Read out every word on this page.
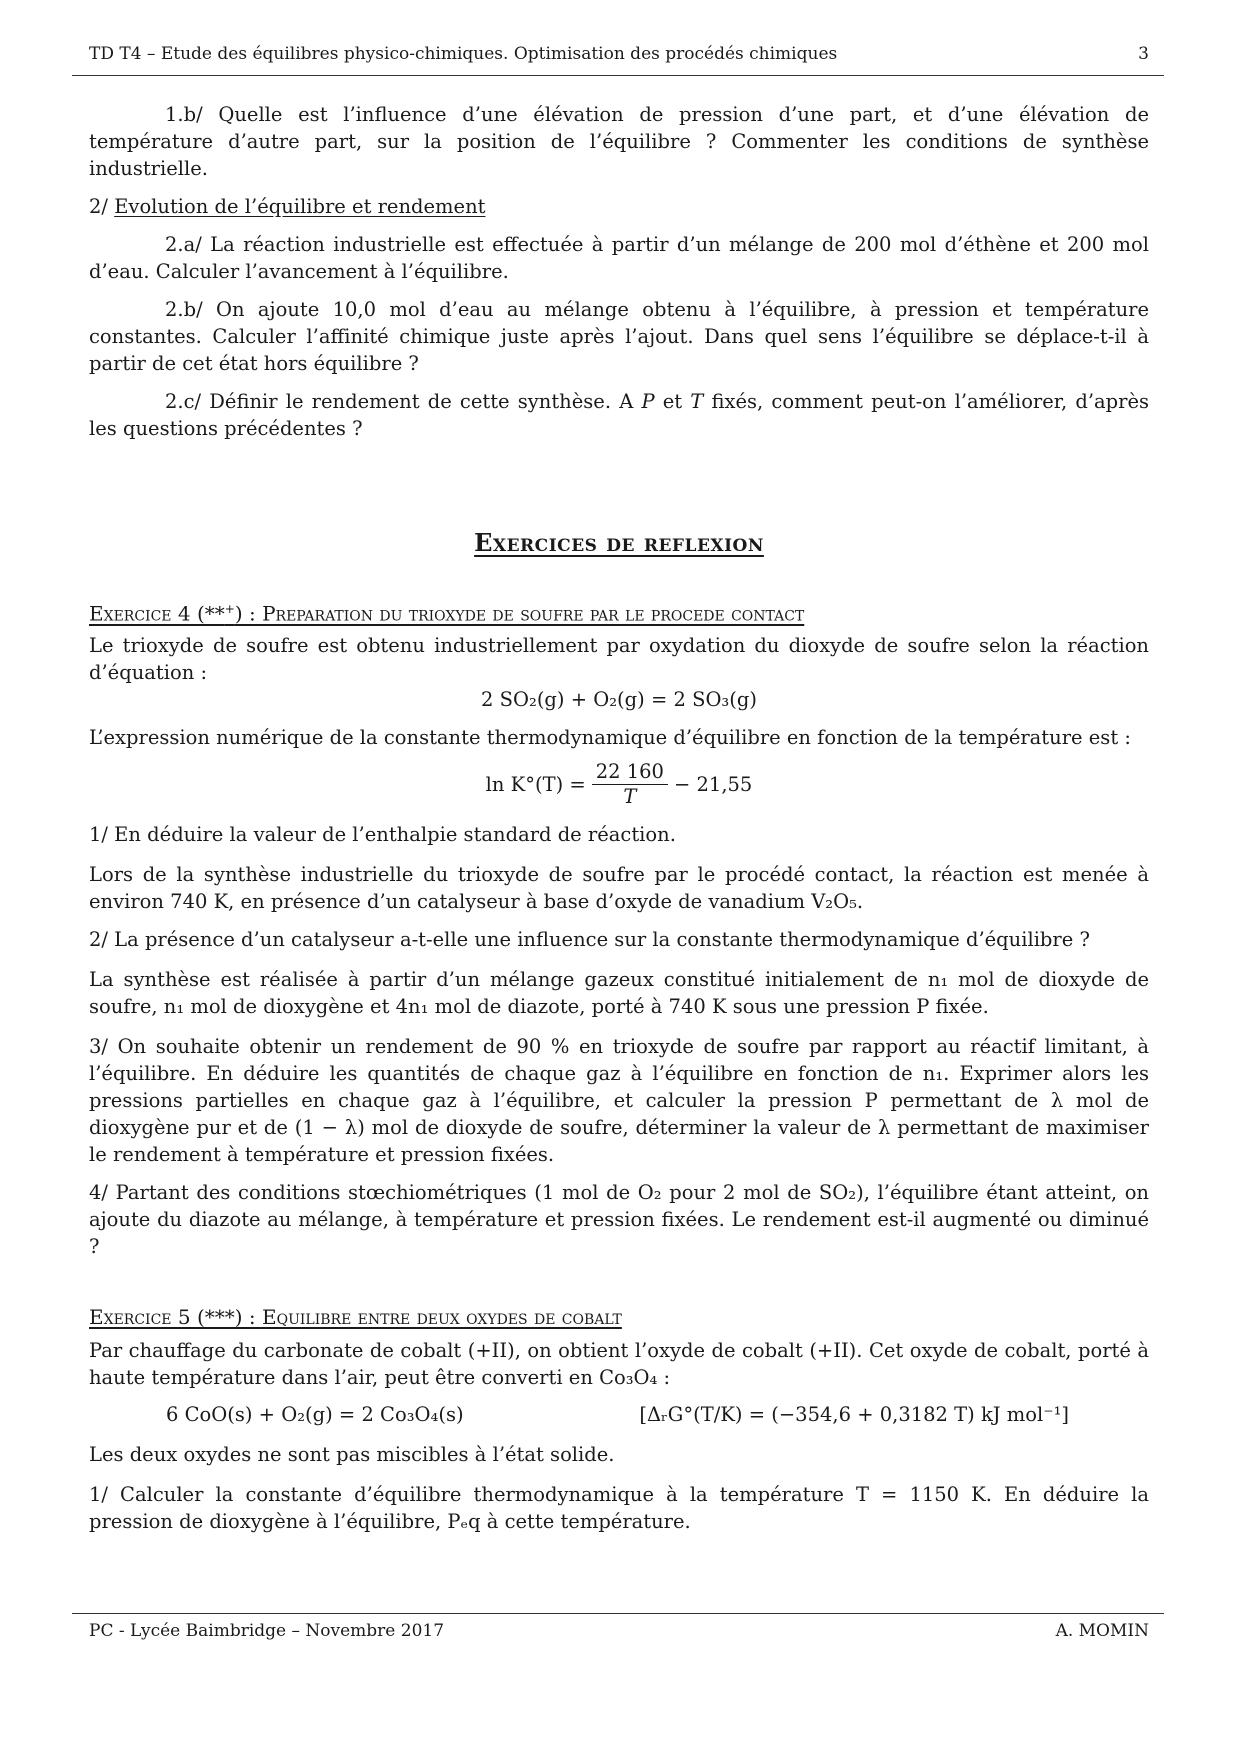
TD T4 – Etude des équilibres physico-chimiques. Optimisation des procédés chimiques	3

1.b/ Quelle est l’influence d’une élévation de pression d’une part, et d’une élévation de température d’autre part, sur la position de l’équilibre ? Commenter les conditions de synthèse industrielle.

2/ Evolution de l’équilibre et rendement

2.a/ La réaction industrielle est effectuée à partir d’un mélange de 200 mol d’éthène et 200 mol d’eau. Calculer l’avancement à l’équilibre.

2.b/ On ajoute 10,0 mol d’eau au mélange obtenu à l’équilibre, à pression et température constantes. Calculer l’affinité chimique juste après l’ajout. Dans quel sens l’équilibre se déplace-t-il à partir de cet état hors équilibre ?

2.c/ Définir le rendement de cette synthèse. A P et T fixés, comment peut-on l’améliorer, d’après les questions précédentes ?

Exercices de reflexion

Exercice 4 (**+) : Preparation du trioxyde de soufre par le procede contact

Le trioxyde de soufre est obtenu industriellement par oxydation du dioxyde de soufre selon la réaction d’équation :

2 SO₂(g) + O₂(g) = 2 SO₃(g)

L’expression numérique de la constante thermodynamique d’équilibre en fonction de la température est :

$\ln K^\circ(T) = \frac{22 160}{T} - 21,55$

1/ En déduire la valeur de l’enthalpie standard de réaction.

Lors de la synthèse industrielle du trioxyde de soufre par le procédé contact, la réaction est menée à environ 740 K, en présence d’un catalyseur à base d’oxyde de vanadium V₂O₅.

2/ La présence d’un catalyseur a-t-elle une influence sur la constante thermodynamique d’équilibre ?

La synthèse est réalisée à partir d’un mélange gazeux constitué initialement de n₁ mol de dioxyde de soufre, n₁ mol de dioxygène et 4n₁ mol de diazote, porté à 740 K sous une pression P fixée.

3/ On souhaite obtenir un rendement de 90 % en trioxyde de soufre par rapport au réactif limitant, à l’équilibre. En déduire les quantités de chaque gaz à l’équilibre en fonction de n₁. Exprimer alors les pressions partielles en chaque gaz à l’équilibre, et calculer la pression P permettant de λ mol de dioxygène pur et de (1 − λ) mol de dioxyde de soufre, déterminer la valeur de λ permettant de maximiser le rendement à température et pression fixées.

4/ Partant des conditions stœchiométriques (1 mol de O₂ pour 2 mol de SO₂), l’équilibre étant atteint, on ajoute du diazote au mélange, à température et pression fixées. Le rendement est-il augmenté ou diminué ?

Exercice 5 (***) : Equilibre entre deux oxydes de cobalt

Par chauffage du carbonate de cobalt (+II), on obtient l’oxyde de cobalt (+II). Cet oxyde de cobalt, porté à haute température dans l’air, peut être converti en Co₃O₄ :

6 CoO(s) + O₂(g) = 2 Co₃O₄(s)	[ΔᵣG°(T/K) = (−354,6 + 0,3182 T) kJ mol⁻¹]

Les deux oxydes ne sont pas miscibles à l’état solide.

1/ Calculer la constante d’équilibre thermodynamique à la température T = 1150 K. En déduire la pression de dioxygène à l’équilibre, Pₑq à cette température.

PC - Lycée Baimbridge – Novembre 2017	A. MOMIN
